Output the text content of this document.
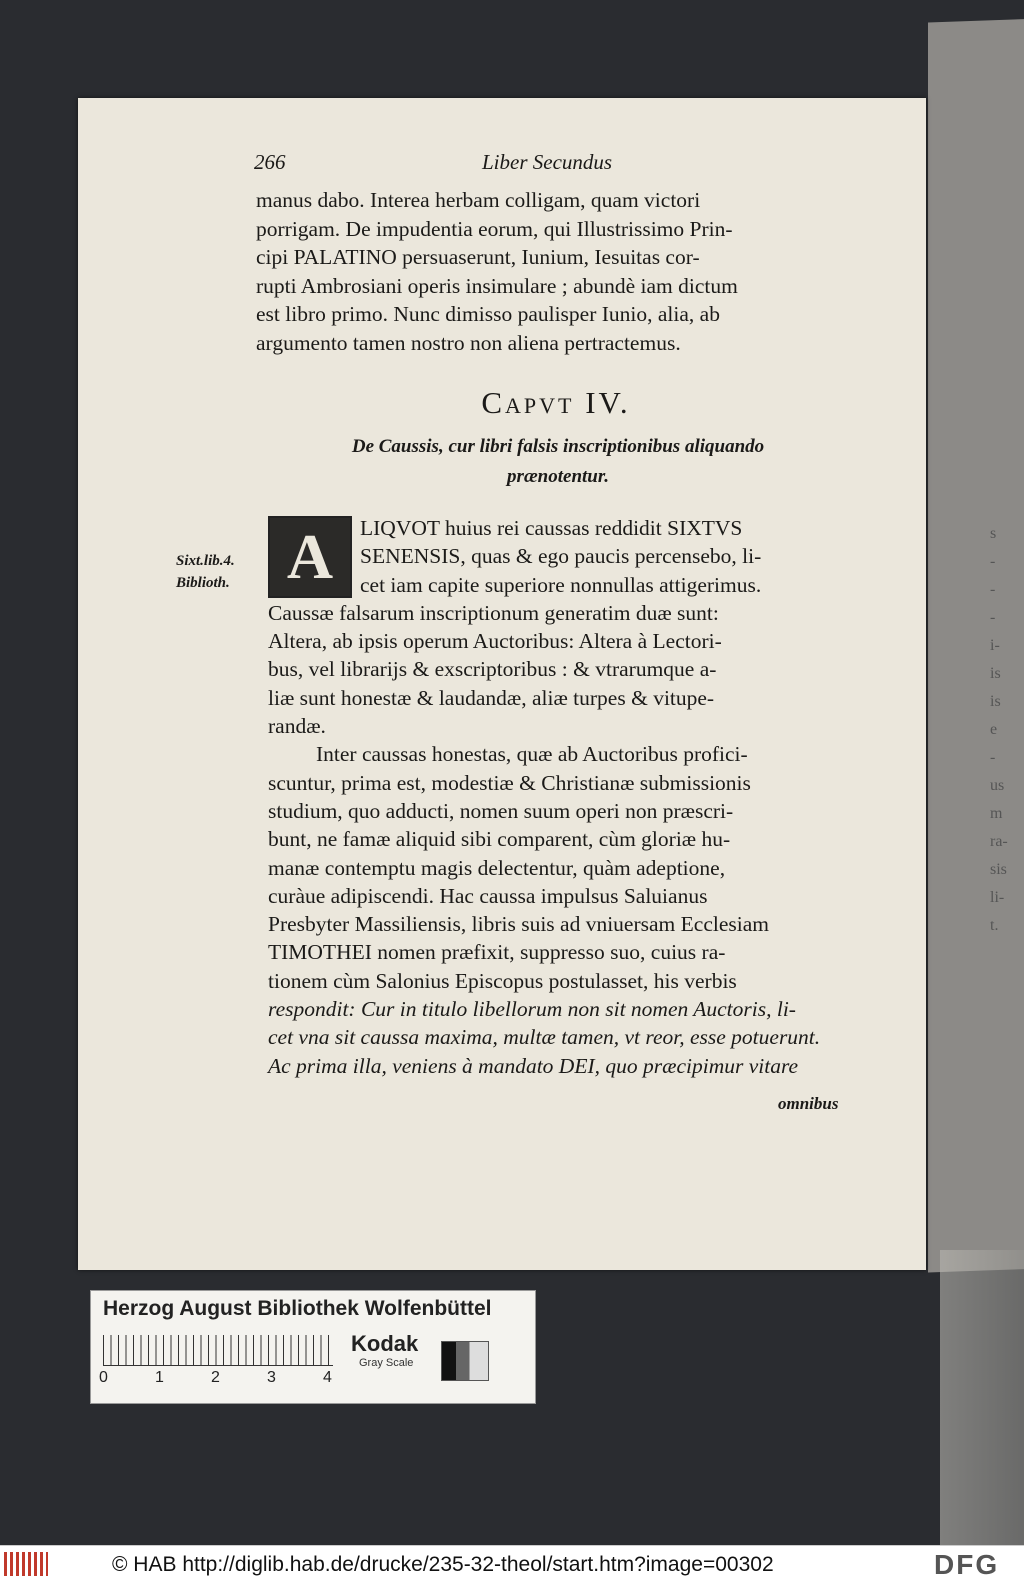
s
-
-
-
i-
is
is
e
-
us
m
ra-
sis
li-
t.
266	Liber Secundus

manus dabo. Interea herbam colligam, quam victori

porrigam. De impudentia eorum, qui Illustrissimo Prin-

cipi PALATINO persuaserunt, Iunium, Iesuitas cor-

rupti Ambrosiani operis insimulare ; abundè iam dictum

est libro primo. Nunc dimisso paulisper Iunio, alia, ab

argumento tamen nostro non aliena pertractemus.

Capvt IV.
De Caussis, cur libri falsis inscriptionibus aliquando
prænotentur.
Sixt.lib.4.
Biblioth. A LIQVOT huius rei caussas reddidit SIXTVS
SENENSIS, quas & ego paucis percensebo, li-
cet iam capite superiore nonnullas attigerimus.
Caussæ falsarum inscriptionum generatim duæ sunt:
Altera, ab ipsis operum Auctoribus: Altera à Lectori-
bus, vel librarijs & exscriptoribus : & vtrarumque a-
liæ sunt honestæ & laudandæ, aliæ turpes & vitupe-
randæ.
Inter caussas honestas, quæ ab Auctoribus profici-
scuntur, prima est, modestiæ & Christianæ submissionis
studium, quo adducti, nomen suum operi non præscri-
bunt, ne famæ aliquid sibi comparent, cùm gloriæ hu-
manæ contemptu magis delectentur, quàm adeptione,
curàue adipiscendi. Hac caussa impulsus Saluianus
Presbyter Massiliensis, libris suis ad vniuersam Ecclesiam
TIMOTHEI nomen præfixit, suppresso suo, cuius ra-
tionem cùm Salonius Episcopus postulasset, his verbis
respondit: Cur in titulo libellorum non sit nomen Auctoris, li-
cet vna sit caussa maxima, multæ tamen, vt reor, esse potuerunt.
Ac prima illa, veniens à mandato DEI, quo præcipimur vitare
omnibus
Herzog August Bibliothek Wolfenbüttel
0	1	2	3	4
Kodak
Gray Scale
© HAB http://diglib.hab.de/drucke/235-32-theol/start.htm?image=00302	DFG
